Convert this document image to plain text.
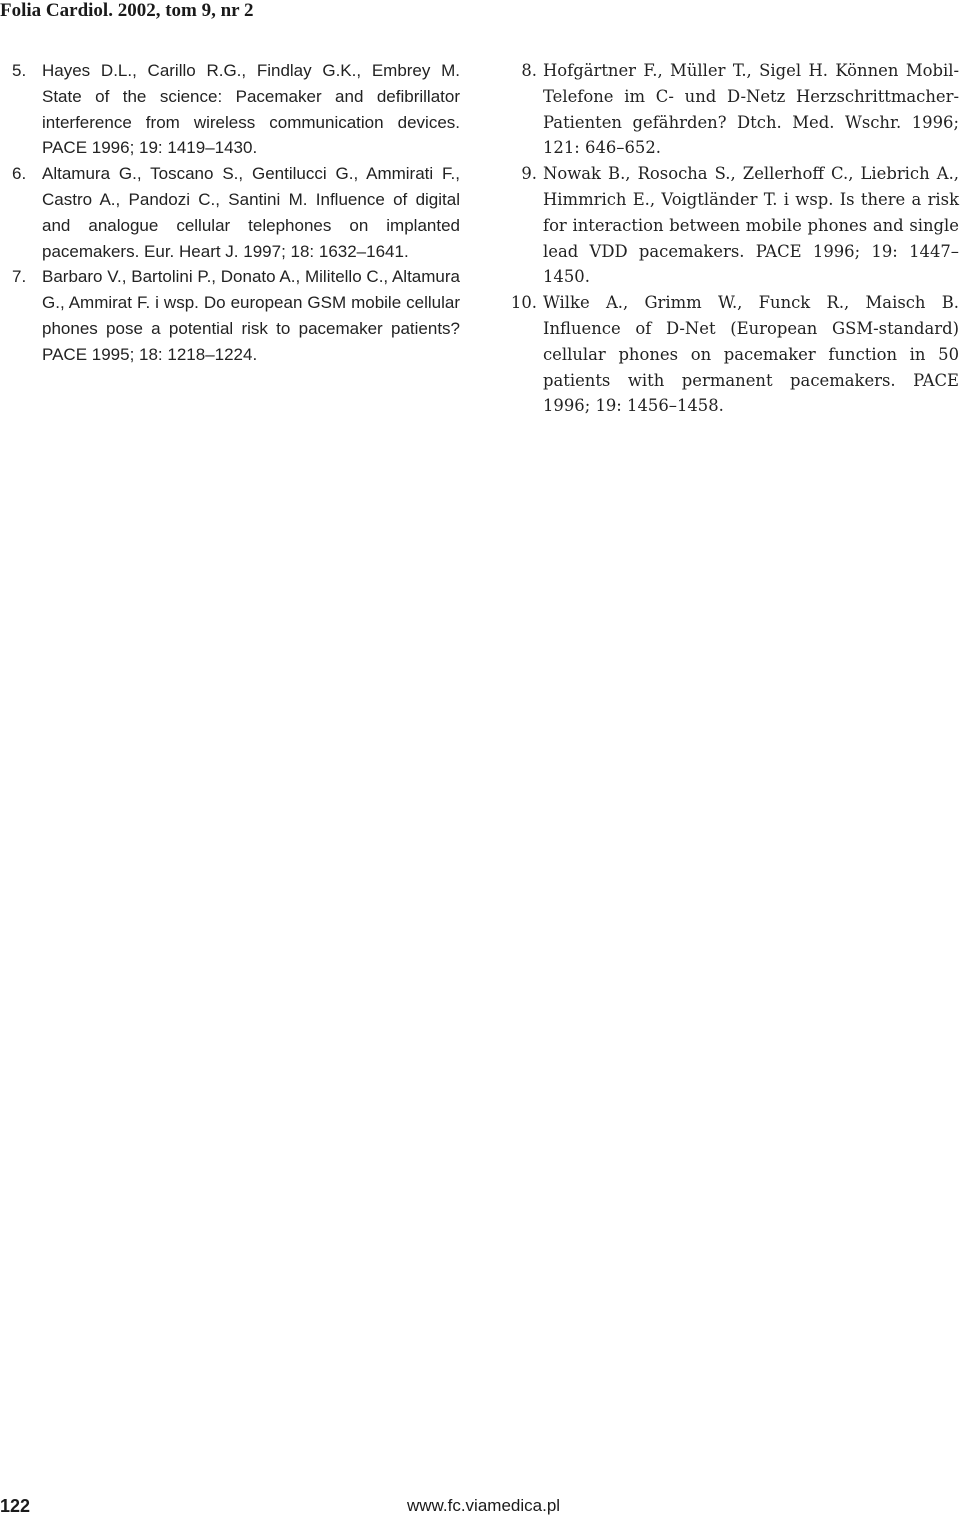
Folia Cardiol. 2002, tom 9, nr 2

5. Hayes D.L., Carillo R.G., Findlay G.K., Embrey M. State of the science: Pacemaker and defibrillator interference from wireless communication devices. PACE 1996; 19: 1419–1430.

6. Altamura G., Toscano S., Gentilucci G., Ammirati F., Castro A., Pandozi C., Santini M. Influence of digital and analogue cellular telephones on implanted pacemakers. Eur. Heart J. 1997; 18: 1632–1641.

7. Barbaro V., Bartolini P., Donato A., Militello C., Altamura G., Ammirat F. i wsp. Do european GSM mobile cellular phones pose a potential risk to pacemaker patients? PACE 1995; 18: 1218–1224.

8. Hofgärtner F., Müller T., Sigel H. Können Mobil-Telefone im C- und D-Netz Herzschrittmacher-Patienten gefährden? Dtch. Med. Wschr. 1996; 121: 646–652.

9. Nowak B., Rosocha S., Zellerhoff C., Liebrich A., Himmrich E., Voigtländer T. i wsp. Is there a risk for interaction between mobile phones and single lead VDD pacemakers. PACE 1996; 19: 1447–1450.

10. Wilke A., Grimm W., Funck R., Maisch B. Influence of D-Net (European GSM-standard) cellular phones on pacemaker function in 50 patients with permanent pacemakers. PACE 1996; 19: 1456–1458.

122	www.fc.viamedica.pl
